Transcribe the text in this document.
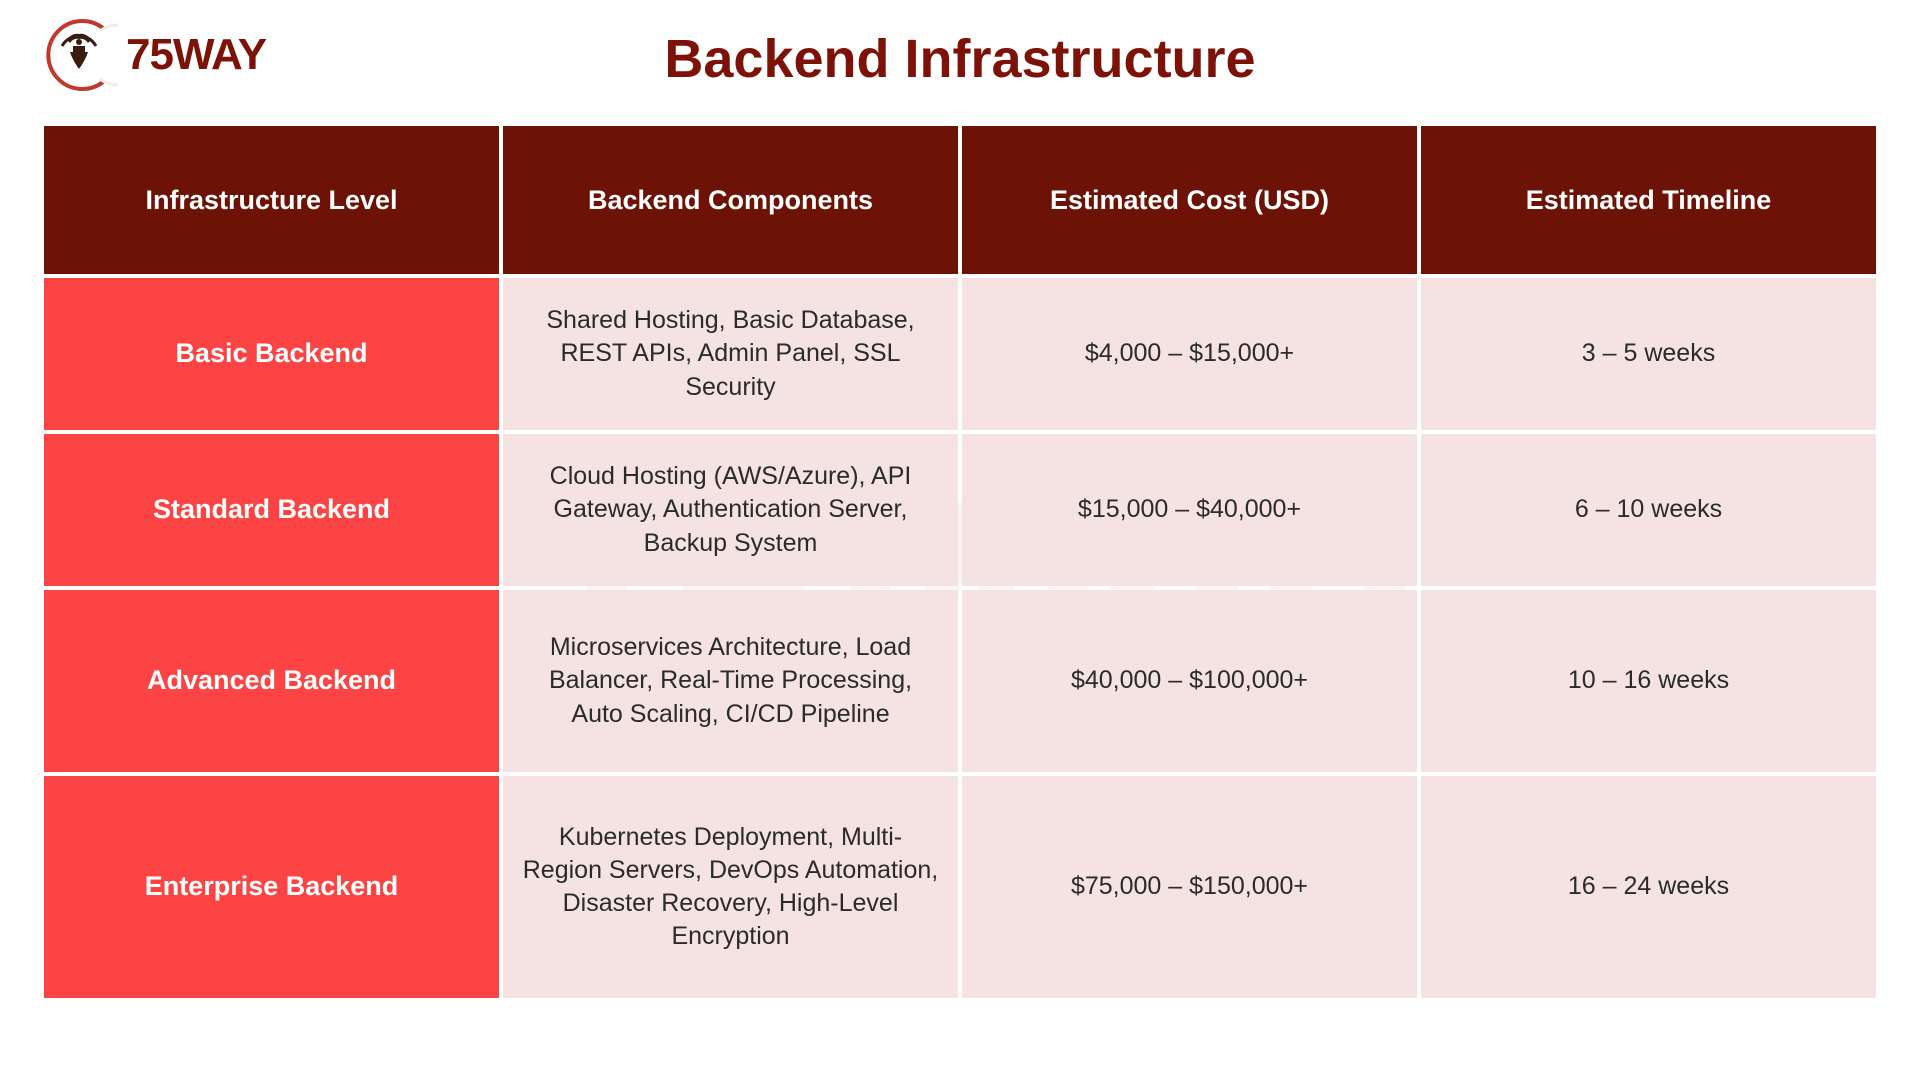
75WAY	Backend Infrastructure
Infrastructure Level	Backend Components	Estimated Cost (USD)	Estimated Timeline
Basic Backend	Shared Hosting, Basic Database, REST APIs, Admin Panel, SSL Security	$4,000 – $15,000+	3 – 5 weeks
Standard Backend	Cloud Hosting (AWS/Azure), API Gateway, Authentication Server, Backup System	$15,000 – $40,000+	6 – 10 weeks
Advanced Backend	Microservices Architecture, Load Balancer, Real-Time Processing, Auto Scaling, CI/CD Pipeline	$40,000 – $100,000+	10 – 16 weeks
Enterprise Backend	Kubernetes Deployment, Multi-Region Servers, DevOps Automation, Disaster Recovery, High-Level Encryption	$75,000 – $150,000+	16 – 24 weeks
